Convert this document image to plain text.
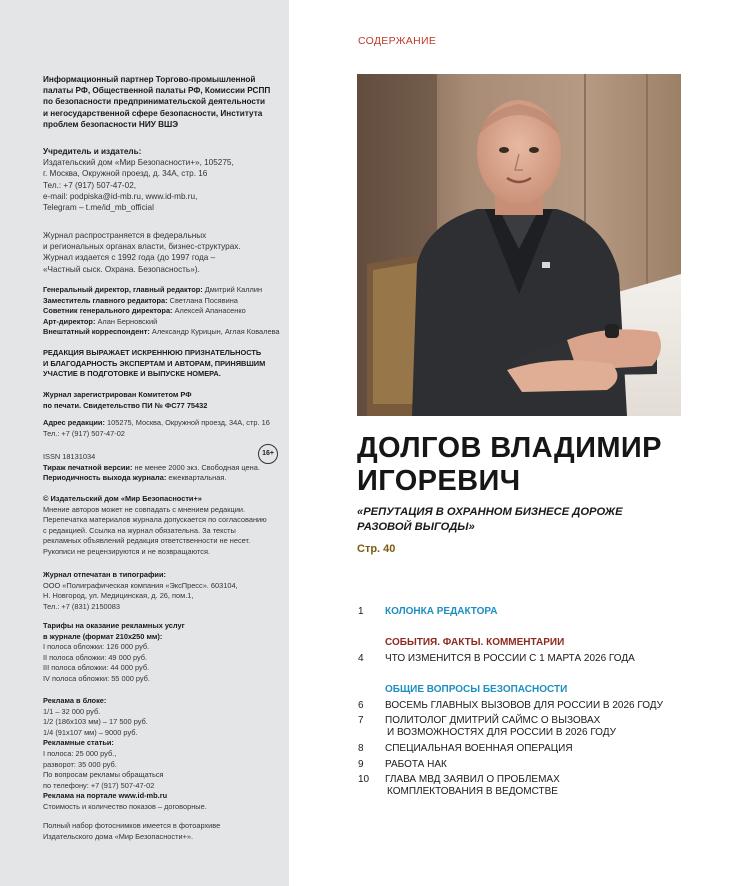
Информационный партнер Торгово-промышленной
палаты РФ, Общественной палаты РФ, Комиссии РСПП
по безопасности предпринимательской деятельности
и негосударственной сфере безопасности, Института
проблем безопасности НИУ ВШЭ
Учредитель и издатель:
Издательский дом «Мир Безопасности+», 105275,
г. Москва, Окружной проезд, д. 34А, стр. 16
Тел.: +7 (917) 507-47-02,
e-mail: podpiska@id-mb.ru, www.id-mb.ru,
Telegram – t.me/id_mb_official
Журнал распространяется в федеральных
и региональных органах власти, бизнес-структурах.
Журнал издается с 1992 года (до 1997 года –
«Частный сыск. Охрана. Безопасность»).
Генеральный директор, главный редактор: Дмитрий Каллин
Заместитель главного редактора: Светлана Посявина
Советник генерального директора: Алексей Апанасенко
Арт-директор: Алан Берновский
Внештатный корреспондент: Александр Курицын, Аглая Ковалева
РЕДАКЦИЯ ВЫРАЖАЕТ ИСКРЕННЮЮ ПРИЗНАТЕЛЬНОСТЬ
И БЛАГОДАРНОСТЬ ЭКСПЕРТАМ И АВТОРАМ, ПРИНЯВШИМ
УЧАСТИЕ В ПОДГОТОВКЕ И ВЫПУСКЕ НОМЕРА.
Журнал зарегистрирован Комитетом РФ
по печати. Свидетельство ПИ № ФС77 75432
Адрес редакции: 105275, Москва, Окружной проезд, 34А, стр. 16
Тел.: +7 (917) 507-47-02
16+
ISSN 18131034
Тираж печатной версии: не менее 2000 экз. Свободная цена.
Периодичность выхода журнала: ежеквартальная.
© Издательский дом «Мир Безопасности+»
Мнение авторов может не совпадать с мнением редакции.
Перепечатка материалов журнала допускается по согласованию
с редакцией. Ссылка на журнал обязательна. За тексты
рекламных объявлений редакция ответственности не несет.
Рукописи не рецензируются и не возвращаются.
Журнал отпечатан в типографии:
ООО «Полиграфическая компания «ЭксПресс». 603104,
Н. Новгород, ул. Медицинская, д. 26, пом.1,
Тел.: +7 (831) 2150083
Тарифы на оказание рекламных услуг
в журнале (формат 210x250 мм):
I полоса обложки: 126 000 руб.
II полоса обложки: 49 000 руб.
III полоса обложки: 44 000 руб.
IV полоса обложки: 55 000 руб.
Реклама в блоке:
1/1 – 32 000 руб.
1/2 (186x103 мм) – 17 500 руб.
1/4 (91x107 мм) – 9000 руб.
Рекламные статьи:
I полоса: 25 000 руб.,
разворот: 35 000 руб.
По вопросам рекламы обращаться
по телефону: +7 (917) 507-47-02
Реклама на портале www.id-mb.ru
Стоимость и количество показов – договорные.
Полный набор фотоснимков имеется в фотоархиве
Издательского дома «Мир Безопасности+».
СОДЕРЖАНИЕ
ДОЛГОВ ВЛАДИМИР
ИГОРЕВИЧ
«РЕПУТАЦИЯ В ОХРАННОМ БИЗНЕСЕ ДОРОЖЕ
РАЗОВОЙ ВЫГОДЫ»
Стр. 40
1 КОЛОНКА РЕДАКТОРА
СОБЫТИЯ. ФАКТЫ. КОММЕНТАРИИ
4 ЧТО ИЗМЕНИТСЯ В РОССИИ С 1 МАРТА 2026 ГОДА
ОБЩИЕ ВОПРОСЫ БЕЗОПАСНОСТИ
6 ВОСЕМЬ ГЛАВНЫХ ВЫЗОВОВ ДЛЯ РОССИИ В 2026 ГОДУ
7 ПОЛИТОЛОГ ДМИТРИЙ САЙМС О ВЫЗОВАХ
И ВОЗМОЖНОСТЯХ ДЛЯ РОССИИ В 2026 ГОДУ
8 СПЕЦИАЛЬНАЯ ВОЕННАЯ ОПЕРАЦИЯ
9 РАБОТА НАК
10 ГЛАВА МВД ЗАЯВИЛ О ПРОБЛЕМАХ
КОМПЛЕКТОВАНИЯ В ВЕДОМСТВЕ
